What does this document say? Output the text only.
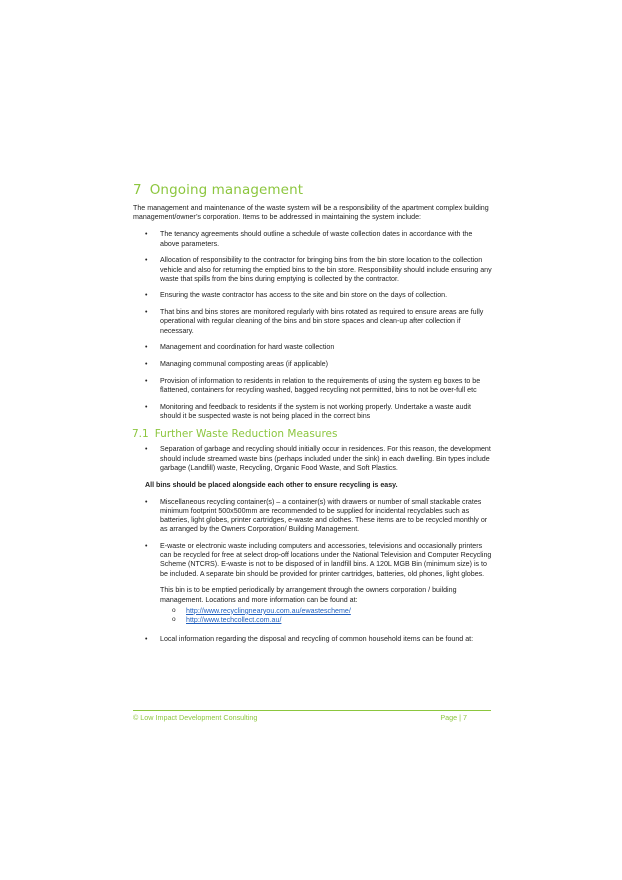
7 Ongoing management

The management and maintenance of the waste system will be a responsibility of the apartment complex building management/owner’s corporation. Items to be addressed in maintaining the system include:

• The tenancy agreements should outline a schedule of waste collection dates in accordance with the above parameters.
• Allocation of responsibility to the contractor for bringing bins from the bin store location to the collection vehicle and also for returning the emptied bins to the bin store. Responsibility should include ensuring any waste that spills from the bins during emptying is collected by the contractor.
• Ensuring the waste contractor has access to the site and bin store on the days of collection.
• That bins and bins stores are monitored regularly with bins rotated as required to ensure areas are fully operational with regular cleaning of the bins and bin store spaces and clean-up after collection if necessary.
• Management and coordination for hard waste collection
• Managing communal composting areas (if applicable)
• Provision of information to residents in relation to the requirements of using the system eg boxes to be flattened, containers for recycling washed, bagged recycling not permitted, bins to not be over-full etc
• Monitoring and feedback to residents if the system is not working properly. Undertake a waste audit should it be suspected waste is not being placed in the correct bins
7.1 Further Waste Reduction Measures
• Separation of garbage and recycling should initially occur in residences. For this reason, the development should include streamed waste bins (perhaps included under the sink) in each dwelling. Bin types include garbage (Landfill) waste, Recycling, Organic Food Waste, and Soft Plastics.
All bins should be placed alongside each other to ensure recycling is easy.
• Miscellaneous recycling container(s) – a container(s) with drawers or number of small stackable crates minimum footprint 500x500mm are recommended to be supplied for incidental recyclables such as batteries, light globes, printer cartridges, e-waste and clothes. These items are to be recycled monthly or as arranged by the Owners Corporation/ Building Management.
• E-waste or electronic waste including computers and accessories, televisions and occasionally printers can be recycled for free at select drop-off locations under the National Television and Computer Recycling Scheme (NTCRS). E-waste is not to be disposed of in landfill bins. A 120L MGB Bin (minimum size) is to be included. A separate bin should be provided for printer cartridges, batteries, old phones, light globes.
This bin is to be emptied periodically by arrangement through the owners corporation / building management. Locations and more information can be found at:
o http://www.recyclingnearyou.com.au/ewastescheme/
o http://www.techcollect.com.au/
• Local information regarding the disposal and recycling of common household items can be found at:
© Low Impact Development Consulting	Page | 7
